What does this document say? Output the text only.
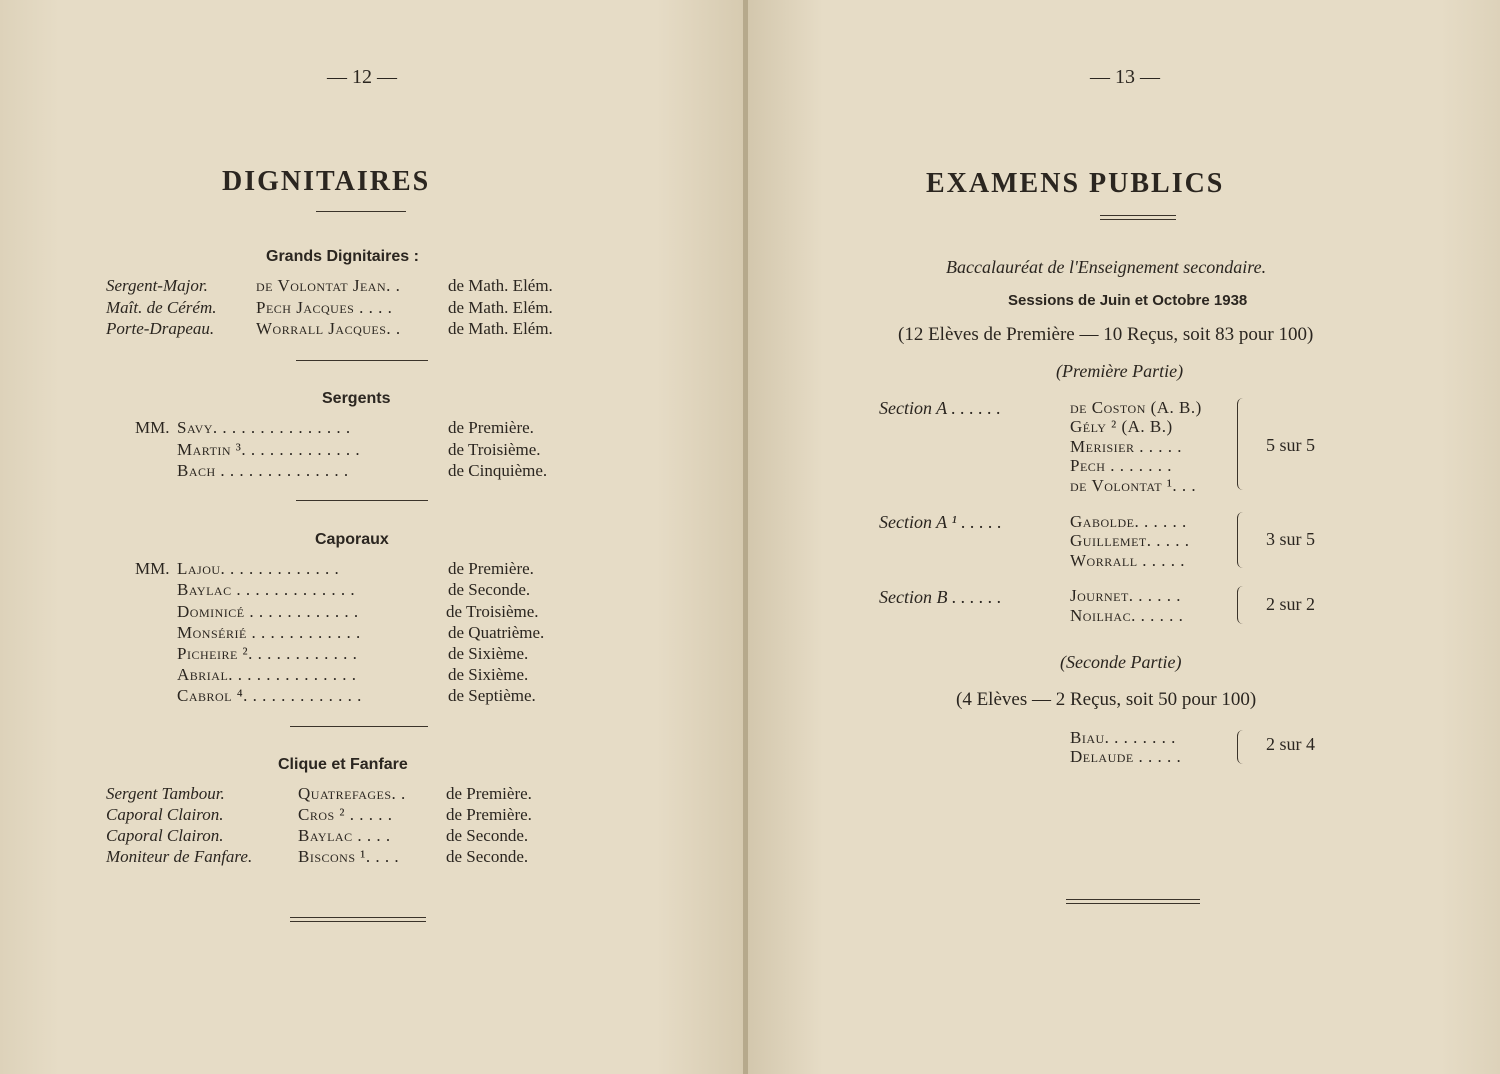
— 12 —
DIGNITAIRES
Grands Dignitaires :
Sergent-Major.	de Volontat Jean. .	de Math. Elém.
Maît. de Cérém. Pech Jacques . . . .	de Math. Elém.
Porte-Drapeau. Worrall Jacques. .	de Math. Elém.
Sergents
MM. Savy. . . . . . . . . . . . . . .	de Première.
Martin ³. . . . . . . . . . . . .	de Troisième.
Bach . . . . . . . . . . . . . .	de Cinquième.
Caporaux
MM. Lajou. . . . . . . . . . . . .	de Première.
Baylac . . . . . . . . . . . . .	de Seconde.
Dominicé . . . . . . . . . . . .	de Troisième.
Monsérié . . . . . . . . . . . .	de Quatrième.
Picheire ². . . . . . . . . . . .	de Sixième.
Abrial. . . . . . . . . . . . . .	de Sixième.
Cabrol ⁴. . . . . . . . . . . . .	de Septième.
Clique et Fanfare
Sergent Tambour.	Quatrefages. . de Première.
Caporal Clairon.	Cros ² . . . . .	de Première.
Caporal Clairon.	Baylac . . . .	de Seconde.
Moniteur de Fanfare.	Biscons ¹. . . .	de Seconde.
— 13 —
EXAMENS PUBLICS
Baccalauréat de l'Enseignement secondaire.
Sessions de Juin et Octobre 1938
(12 Elèves de Première — 10 Reçus, soit 83 pour 100)
(Première Partie)
Section A . . . . . .	de Coston (A. B.)
Gély ² (A. B.)
Merisier . . . . .
Pech . . . . . . .
de Volontat ¹. . .
5 sur 5
Section A ¹ . . . . .	Gabolde. . . . . .
Guillemet. . . . .
Worrall . . . . .
3 sur 5
Section B . . . . . .	Journet. . . . . .
Noilhac. . . . . .
2 sur 2
(Seconde Partie)
(4 Elèves — 2 Reçus, soit 50 pour 100)
Biau. . . . . . . .
Delaude . . . . .
2 sur 4
